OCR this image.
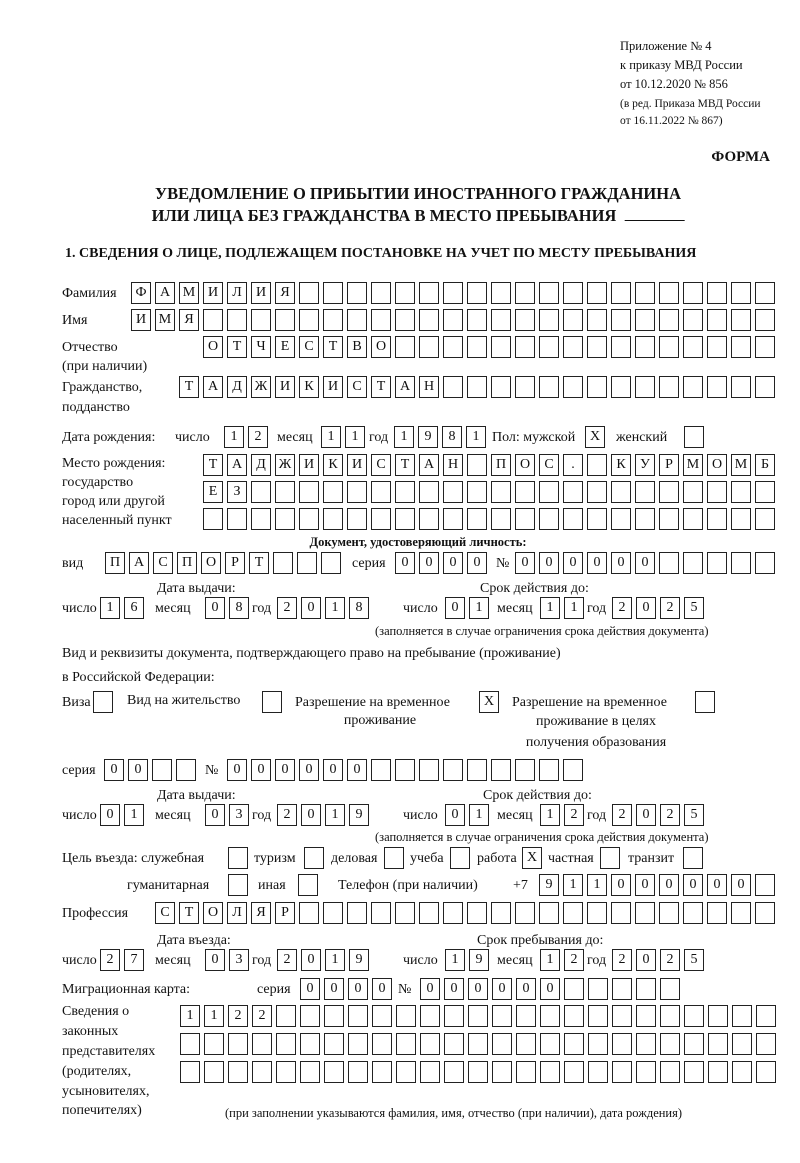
Приложение № 4
к приказу МВД России
от 10.12.2020 № 856
(в ред. Приказа МВД России
от 16.11.2022 № 867)
ФОРМА
УВЕДОМЛЕНИЕ О ПРИБЫТИИ ИНОСТРАННОГО ГРАЖДАНИНА
ИЛИ ЛИЦА БЕЗ ГРАЖДАНСТВА В МЕСТО ПРЕБЫВАНИЯ
1. СВЕДЕНИЯ О ЛИЦЕ, ПОДЛЕЖАЩЕМ ПОСТАНОВКЕ НА УЧЕТ ПО МЕСТУ ПРЕБЫВАНИЯ
Фамилия	Ф А М И	Л	И	Я
Имя	И М Я
Отчество
(при наличии)
О	Т	Ч	Е	С	Т	В	О
Гражданство,
подданство
Т	А	Д Ж И	К	И	С	Т	А Н
Дата рождения: число	1	2	месяц	1	1 год 1	9	8	1 Пол: мужской	X	женский
Место рождения:
государство
город или другой
населенный пункт
Т	А	Д Ж И	К	И	С	Т	А Н	П О	С	.	К	У	Р М О М Б
Е	З
Документ, удостоверяющий личность:
вид	П А	С	П О	Р	Т	серия	0	0	0	0	№ 0	0	0	0	0	0
Дата выдачи:	Срок действия до:
число 1	6	месяц	0	8 год 2	0	1	8	число 0	1	месяц 1	1 год 2	0	2	5
(заполняется в случае ограничения срока действия документа)
Вид и реквизиты документа, подтверждающего право на пребывание (проживание)
в Российской Федерации:
Виза	Вид на жительство	Разрешение на временное
проживание
X	Разрешение на временное
проживание в целях
получения образования
серия	0	0	№	0	0	0	0	0	0
Дата выдачи:	Срок действия до:
число 0	1	месяц	0	3 год 2	0	1	9	число 0	1	месяц 1	2 год 2	0	2	5
(заполняется в случае ограничения срока действия документа)
Цель въезда: служебная	туризм	деловая учеба работа X частная транзит
гуманитарная	иная	Телефон (при наличии)	+7	9	1	1	0	0	0	0	0	0
Профессия	С	Т	О	Л	Я	Р
Дата въезда:	Срок пребывания до:
число 2	7	месяц	0	3 год 2	0	1	9	число 1	9	месяц 1	2 год 2	0	2	5
Миграционная карта:	серия	0	0	0	0 №	0	0	0	0	0	0
Сведения о
законных
представителях
(родителях,
усыновителях,
попечителях)
1	1	2	2
(при заполнении указываются фамилия, имя, отчество (при наличии), дата рождения)
